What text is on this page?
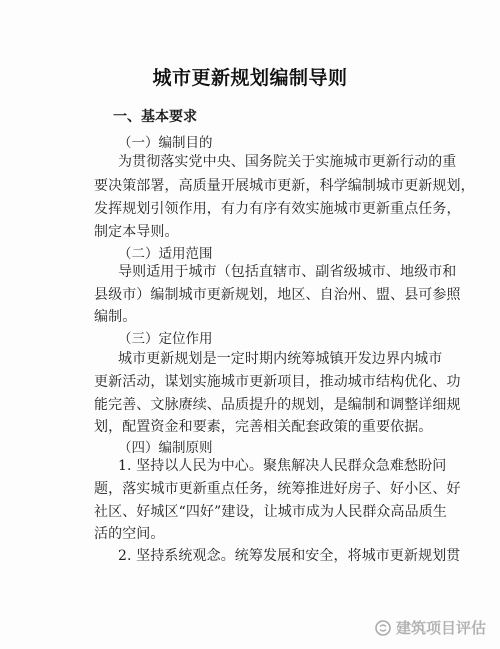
城市更新规划编制导则
一、基本要求
（一）编制目的
为贯彻落实党中央、国务院关于实施城市更新行动的重
要决策部署，高质量开展城市更新，科学编制城市更新规划，
发挥规划引领作用，有力有序有效实施城市更新重点任务，
制定本导则。
（二）适用范围
导则适用于城市（包括直辖市、副省级城市、地级市和
县级市）编制城市更新规划，地区、自治州、盟、县可参照
编制。
（三）定位作用
城市更新规划是一定时期内统筹城镇开发边界内城市
更新活动，谋划实施城市更新项目，推动城市结构优化、功
能完善、文脉赓续、品质提升的规划，是编制和调整详细规
划，配置资金和要素，完善相关配套政策的重要依据。
（四）编制原则
1. 坚持以人民为中心。聚焦解决人民群众急难愁盼问
题，落实城市更新重点任务，统筹推进好房子、好小区、好
社区、好城区“四好”建设，让城市成为人民群众高品质生
活的空间。
2. 坚持系统观念。统筹发展和安全，将城市更新规划贯
建筑项目评估
